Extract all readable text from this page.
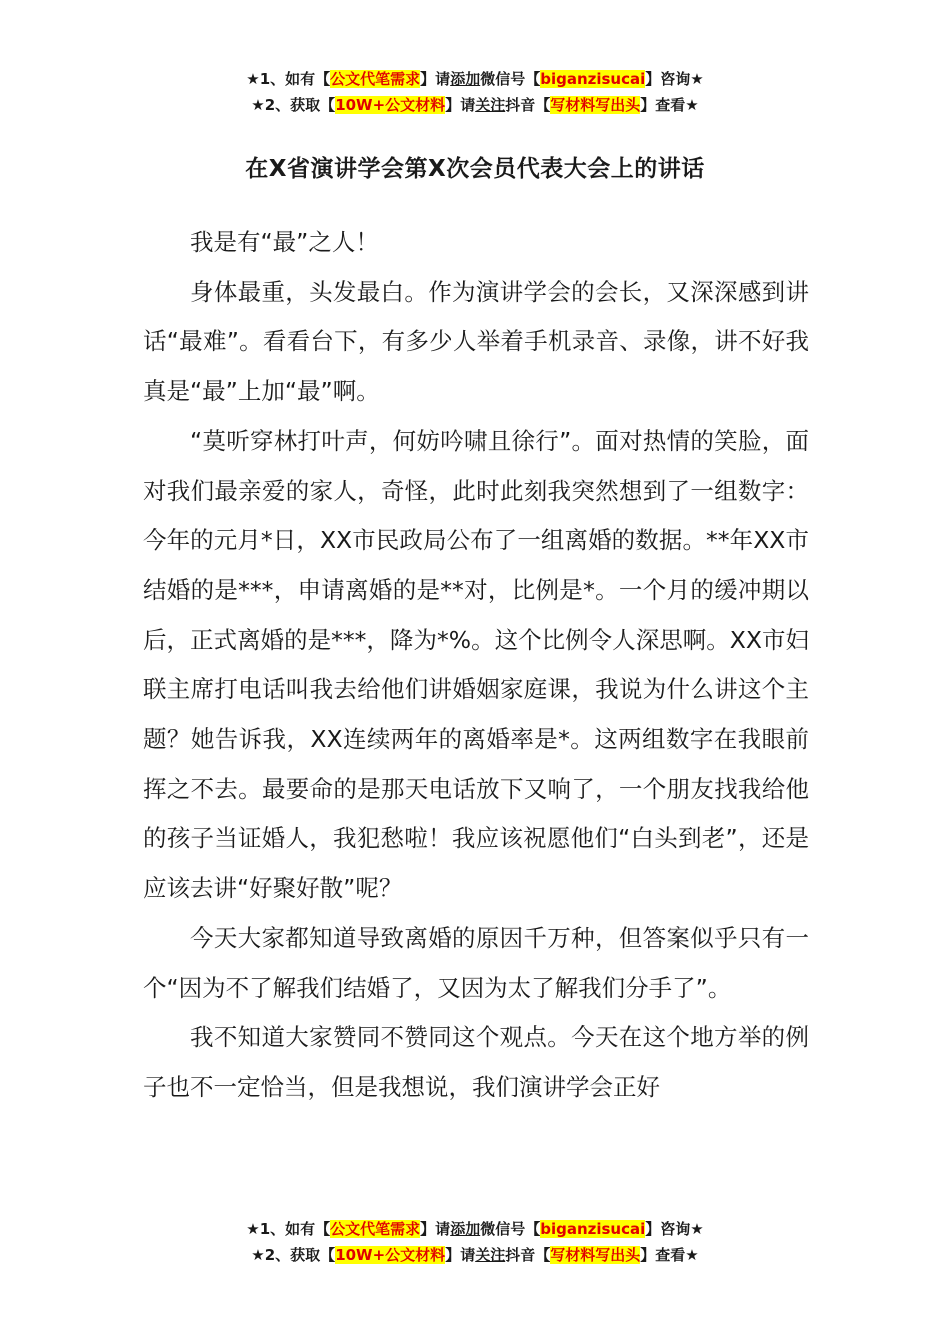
★1、如有【公文代笔需求】请添加微信号【biganzisucai】咨询★
★2、获取【10W+公文材料】请关注抖音【写材料写出头】查看★
在X省演讲学会第X次会员代表大会上的讲话

我是有“最”之人！

身体最重，头发最白。作为演讲学会的会长，又深深感到讲话“最难”。看看台下，有多少人举着手机录音、录像，讲不好我真是“最”上加“最”啊。

“莫听穿林打叶声，何妨吟啸且徐行”。面对热情的笑脸，面对我们最亲爱的家人，奇怪，此时此刻我突然想到了一组数字：今年的元月*日，XX市民政局公布了一组离婚的数据。**年XX市结婚的是***，申请离婚的是**对，比例是*。一个月的缓冲期以后，正式离婚的是***，降为*%。这个比例令人深思啊。XX市妇联主席打电话叫我去给他们讲婚姻家庭课，我说为什么讲这个主题？她告诉我，XX连续两年的离婚率是*。这两组数字在我眼前挥之不去。最要命的是那天电话放下又响了，一个朋友找我给他的孩子当证婚人，我犯愁啦！我应该祝愿他们“白头到老”，还是应该去讲“好聚好散”呢？

今天大家都知道导致离婚的原因千万种，但答案似乎只有一个“因为不了解我们结婚了，又因为太了解我们分手了”。

我不知道大家赞同不赞同这个观点。今天在这个地方举的例子也不一定恰当，但是我想说，我们演讲学会正好

★1、如有【公文代笔需求】请添加微信号【biganzisucai】咨询★
★2、获取【10W+公文材料】请关注抖音【写材料写出头】查看★
